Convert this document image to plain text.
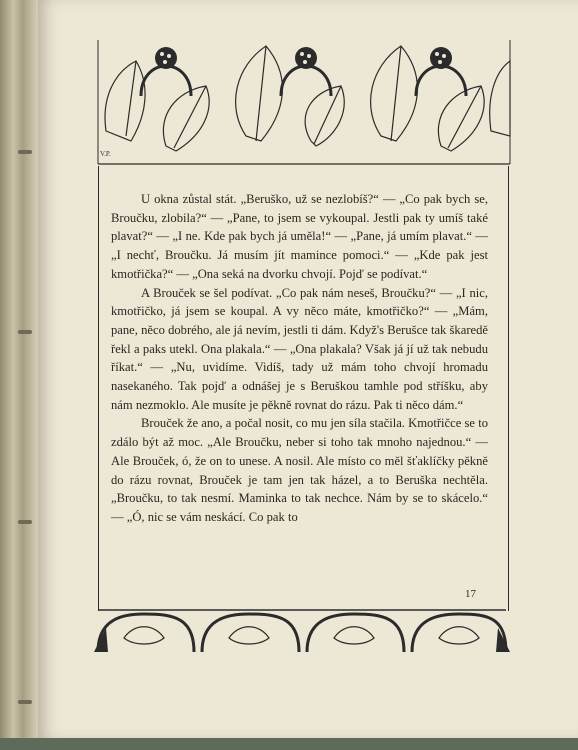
V.P.

U okna zůstal stát. „Beruško, už se nezlobíš?“ — „Co pak bych se, Broučku, zlobila?“ — „Pane, to jsem se vykoupal. Jestli pak ty umíš také plavat?“ — „I ne. Kde pak bych já uměla!“ — „Pane, já umím plavat.“ — „I nechť, Broučku. Já musím jít mamince pomoci.“ — „Kde pak jest kmotřička?“ — „Ona seká na dvorku chvojí. Pojď se podívat.“

A Brouček se šel podívat. „Co pak nám neseš, Broučku?“ — „I nic, kmotřičko, já jsem se koupal. A vy něco máte, kmotřičko?“ — „Mám, pane, něco dobrého, ale já nevím, jestli ti dám. Když's Berušce tak škaredě řekl a paks utekl. Ona plakala.“ — „Ona plakala? Však já jí už tak nebudu říkat.“ — „Nu, uvidíme. Vidíš, tady už mám toho chvojí hromadu nasekaného. Tak pojď a odnášej je s Beruškou tamhle pod stříšku, aby nám nezmoklo. Ale musíte je pěkně rovnat do rázu. Pak ti něco dám.“

Brouček že ano, a počal nosit, co mu jen síla stačila. Kmotřičce se to zdálo být až moc. „Ale Broučku, neber si toho tak mnoho najednou.“ — Ale Brouček, ó, že on to unese. A nosil. Ale místo co měl šťaklíčky pěkně do rázu rovnat, Brouček je tam jen tak házel, a to Beruška nechtěla. „Broučku, to tak nesmí. Maminka to tak nechce. Nám by se to skácelo.“ — „Ó, nic se vám neskácí. Co pak to

17
